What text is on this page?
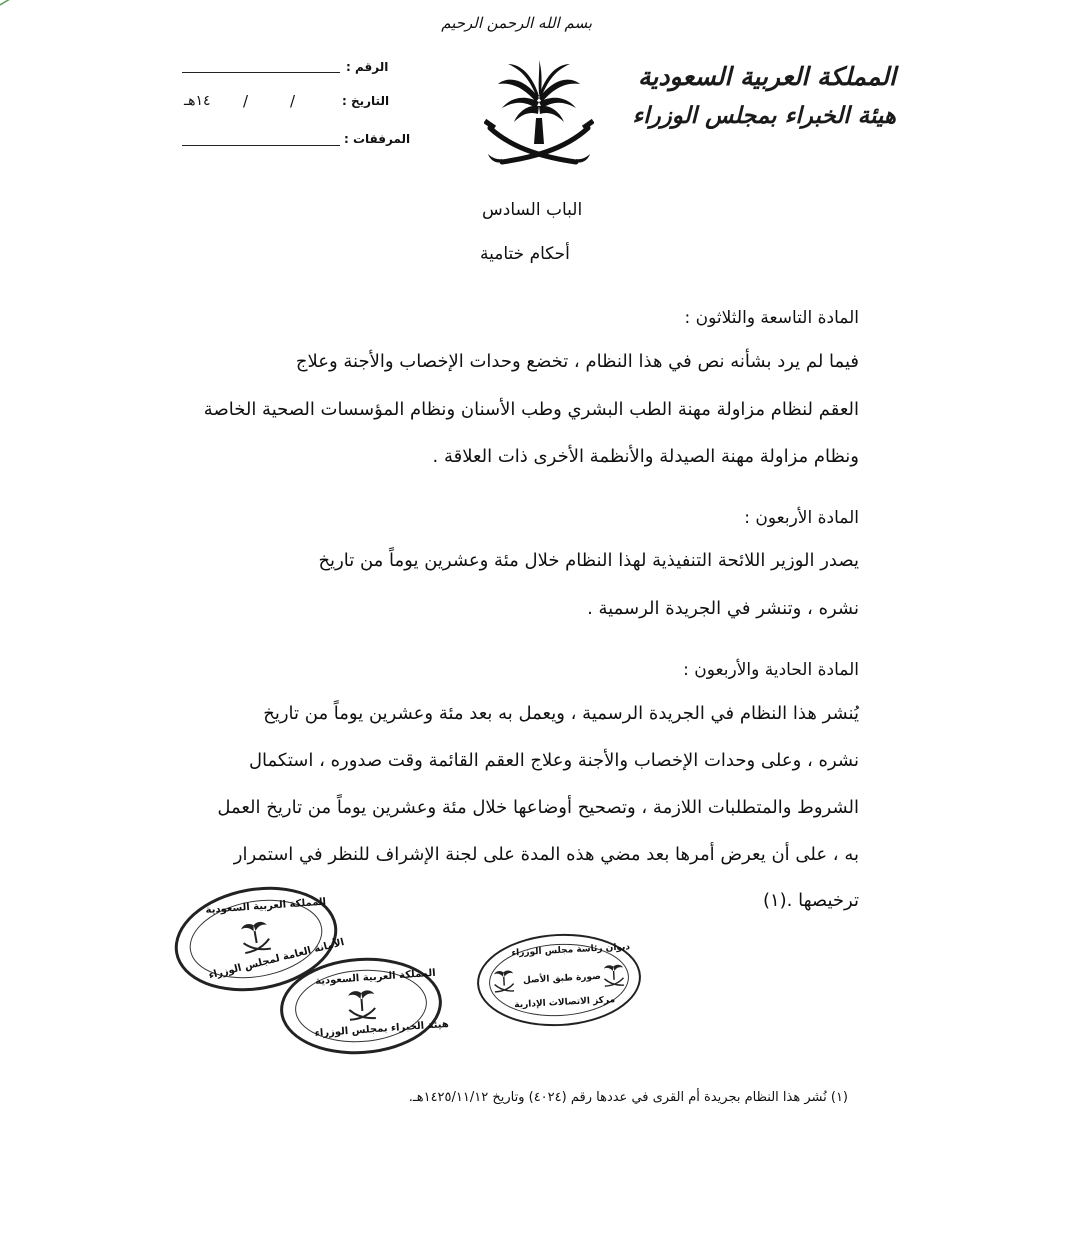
بسم الله الرحمن الرحيم
المملكة العربية السعودية
هيئة الخبراء بمجلس الوزراء
الرقم :
التاريخ :
١٤هـ /	/
المرفقات :
الباب السادس
أحكام ختامية
المادة التاسعة والثلاثون :
فيما لم يرد بشأنه نص في هذا النظام ، تخضع وحدات الإخصاب والأجنة وعلاج
العقم لنظام مزاولة مهنة الطب البشري وطب الأسنان ونظام المؤسسات الصحية الخاصة
ونظام مزاولة مهنة الصيدلة والأنظمة الأخرى ذات العلاقة .
المادة الأربعون :
يصدر الوزير اللائحة التنفيذية لهذا النظام خلال مئة وعشرين يوماً من تاريخ
نشره ، وتنشر في الجريدة الرسمية .
المادة الحادية والأربعون :
يُنشر هذا النظام في الجريدة الرسمية ، ويعمل به بعد مئة وعشرين يوماً من تاريخ
نشره ، وعلى وحدات الإخصاب والأجنة وعلاج العقم القائمة وقت صدوره ، استكمال
الشروط والمتطلبات اللازمة ، وتصحيح أوضاعها خلال مئة وعشرين يوماً من تاريخ العمل
به ، على أن يعرض أمرها بعد مضي هذه المدة على لجنة الإشراف للنظر في استمرار
ترخيصها .(١)
المملكة العربية السعودية
الأمانة العامة لمجلس الوزراء
المملكة العربية السعودية
هيئة الخبراء بمجلس الوزراء
ديوان رئاسة مجلس الوزراء
صورة طبق الأصل
مركز الاتصالات الإدارية
(١) نُشر هذا النظام بجريدة أم القرى في عددها رقم (٤٠٢٤) وتاريخ ١٤٢٥/١١/١٢هـ.
